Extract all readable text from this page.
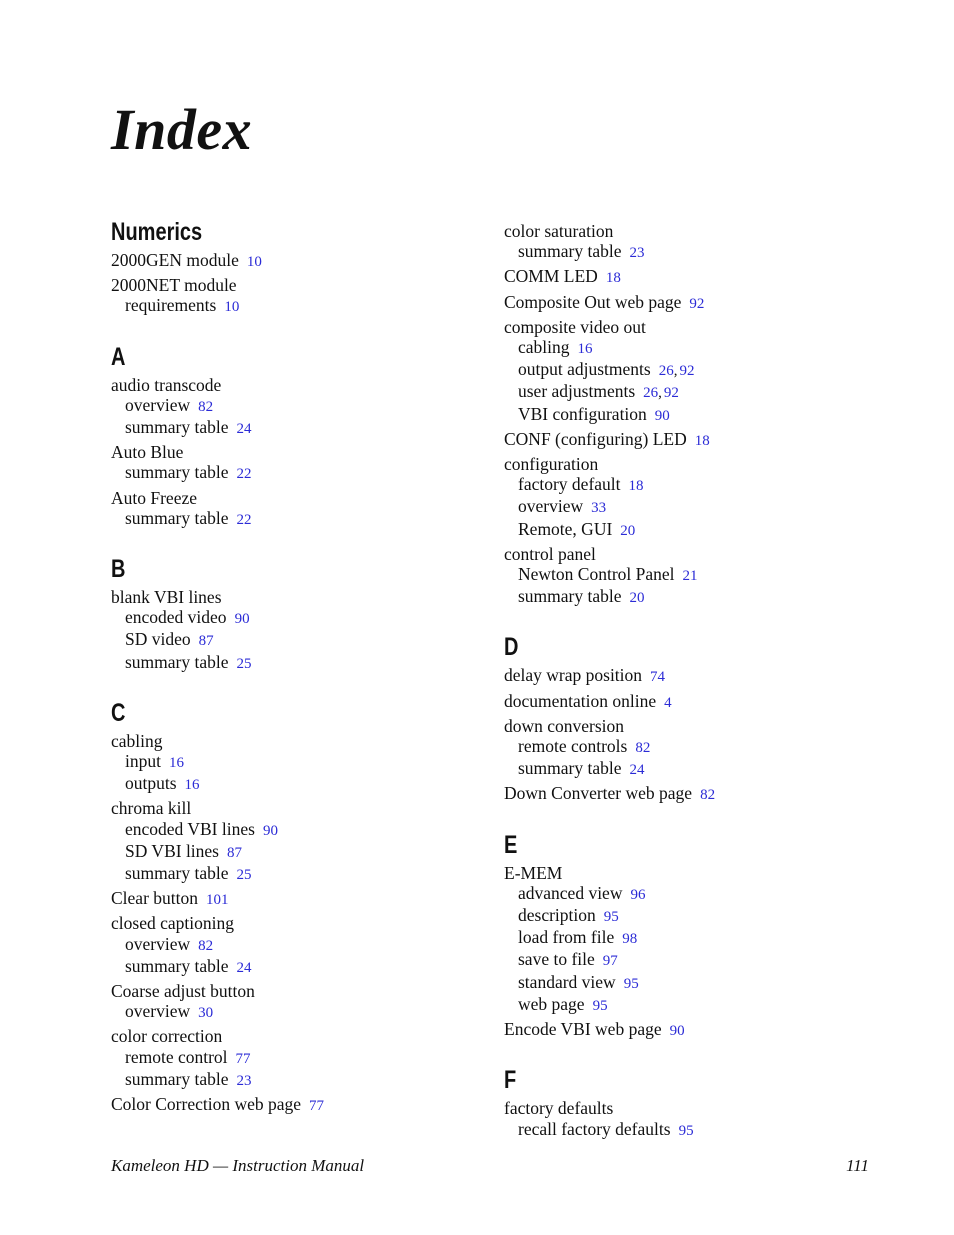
Index
Numerics
2000GEN module 10
2000NET module
requirements 10
A
audio transcode
overview 82
summary table 24
Auto Blue
summary table 22
Auto Freeze
summary table 22
B
blank VBI lines
encoded video 90
SD video 87
summary table 25
C
cabling
input 16
outputs 16
chroma kill
encoded VBI lines 90
SD VBI lines 87
summary table 25
Clear button 101
closed captioning
overview 82
summary table 24
Coarse adjust button
overview 30
color correction
remote control 77
summary table 23
Color Correction web page 77
color saturation
summary table 23
COMM LED 18
Composite Out web page 92
composite video out
cabling 16
output adjustments 26, 92
user adjustments 26, 92
VBI configuration 90
CONF (configuring) LED 18
configuration
factory default 18
overview 33
Remote, GUI 20
control panel
Newton Control Panel 21
summary table 20
D
delay wrap position 74
documentation online 4
down conversion
remote controls 82
summary table 24
Down Converter web page 82
E
E-MEM
advanced view 96
description 95
load from file 98
save to file 97
standard view 95
web page 95
Encode VBI web page 90
F
factory defaults
recall factory defaults 95
Kameleon HD — Instruction Manual	111
